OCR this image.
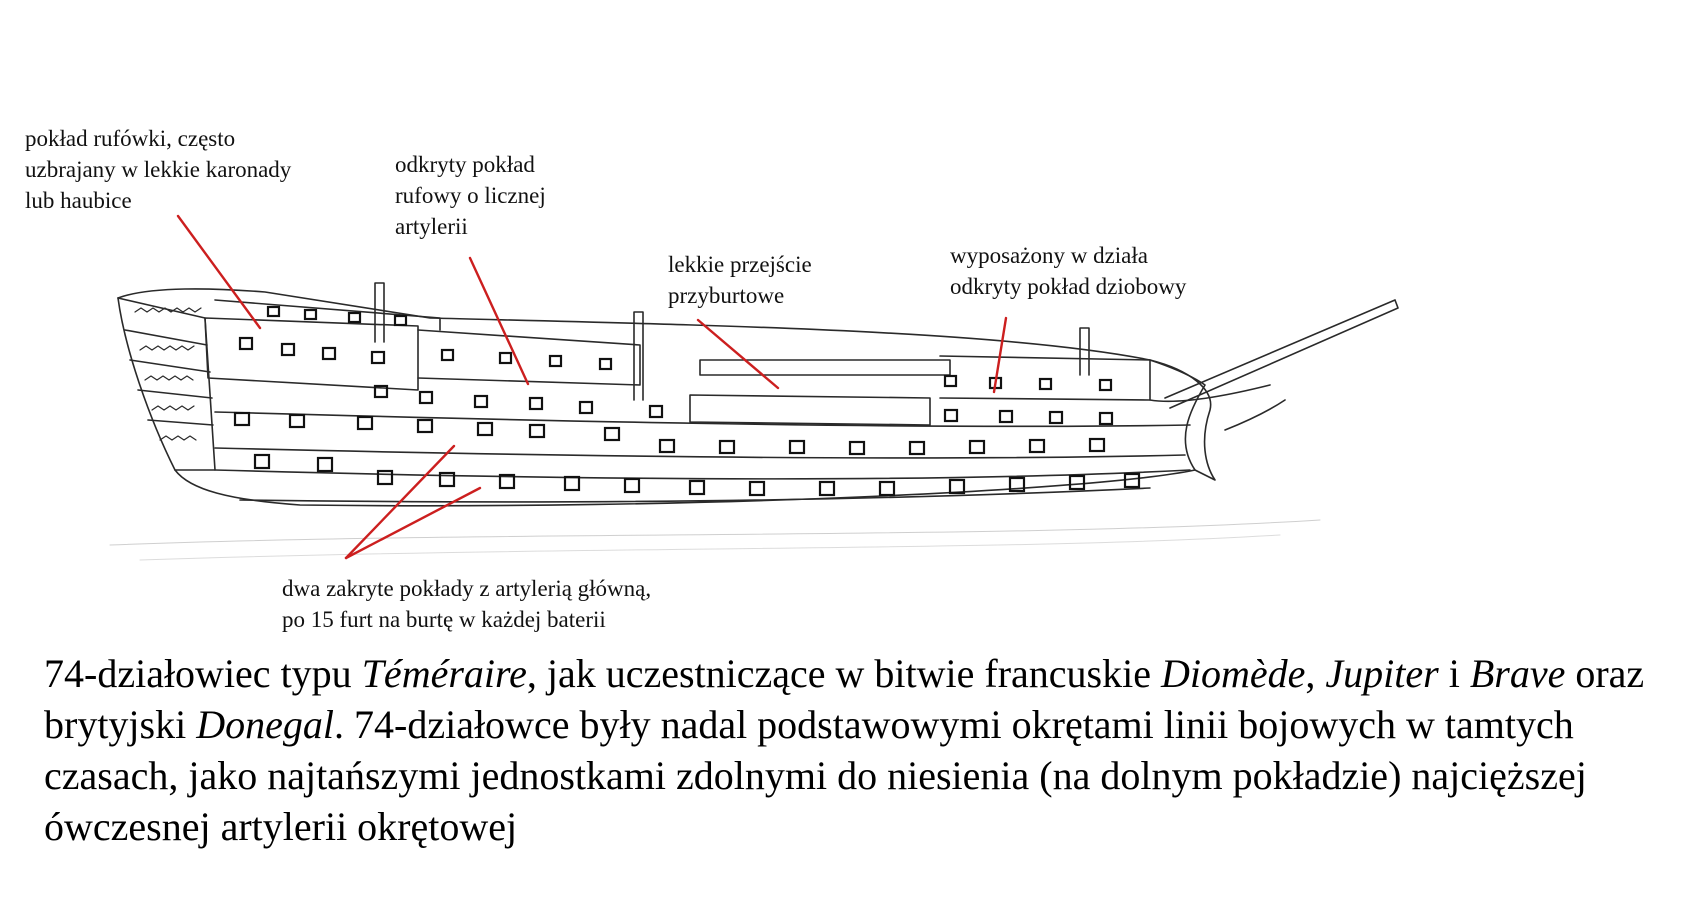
pokład rufówki, często
uzbrajany w lekkie karonady
lub haubice
odkryty pokład
rufowy o licznej
artylerii
lekkie przejście
przyburtowe
wyposażony w działa
odkryty pokład dziobowy
dwa zakryte pokłady z artylerią główną,
po 15 furt na burtę w każdej baterii
74-działowiec typu Téméraire, jak uczestniczące w bitwie francuskie Diomède, Jupiter i Brave oraz brytyjski Donegal. 74-działowce były nadal podstawowymi okrętami linii bojowych w tamtych czasach, jako najtańszymi jednostkami zdolnymi do niesienia (na dolnym pokładzie) najcięższej ówczesnej artylerii okrętowej
